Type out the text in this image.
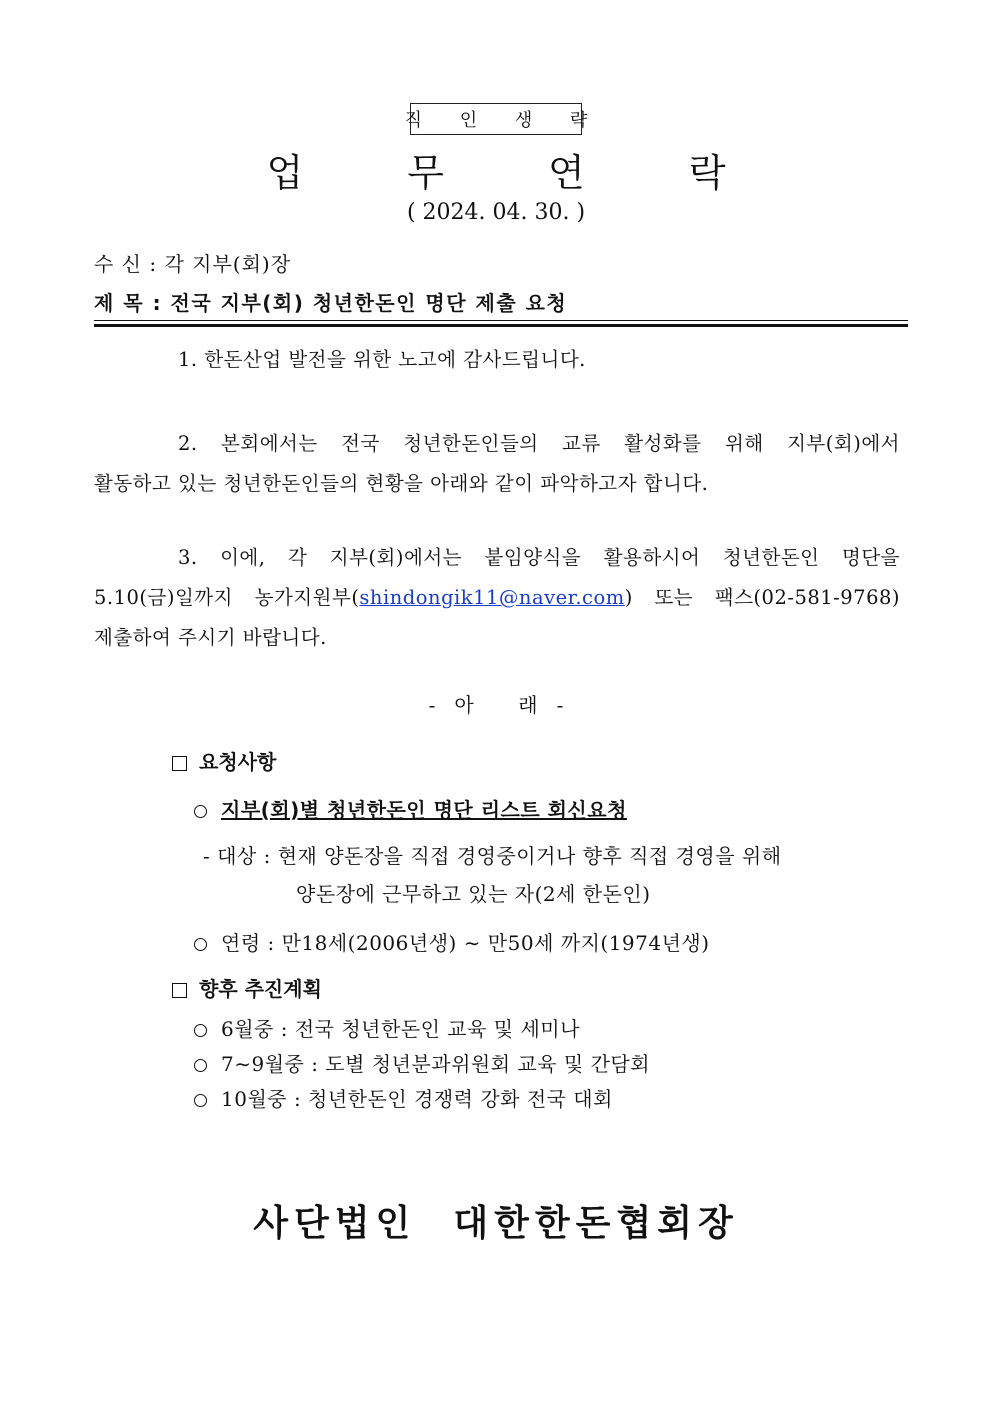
직 인 생 략
업 무 연 락
( 2024. 04. 30. )
수 신 : 각 지부(회)장
제 목 : 전국 지부(회) 청년한돈인 명단 제출 요청
1. 한돈산업 발전을 위한 노고에 감사드립니다.
2. 본회에서는 전국 청년한돈인들의 교류 활성화를 위해 지부(회)에서
활동하고 있는 청년한돈인들의 현황을 아래와 같이 파악하고자 합니다.
3. 이에, 각 지부(회)에서는 붙임양식을 활용하시어 청년한돈인 명단을
5.10(금)일까지 농가지원부(shindongik11@naver.com) 또는 팩스(02-581-9768)
제출하여 주시기 바랍니다.
-   아       래   -
요청사항
지부(회)별 청년한돈인 명단 리스트 회신요청
- 대상 : 현재 양돈장을 직접 경영중이거나 향후 직접 경영을 위해
양돈장에 근무하고 있는 자(2세 한돈인)
연령 : 만18세(2006년생) ∼ 만50세 까지(1974년생)
향후 추진계획
6월중 : 전국 청년한돈인 교육 및 세미나
7∼9월중 : 도별 청년분과위원회 교육 및 간담회
10월중 : 청년한돈인 경쟁력 강화 전국 대회
사단법인  대한한돈협회장
